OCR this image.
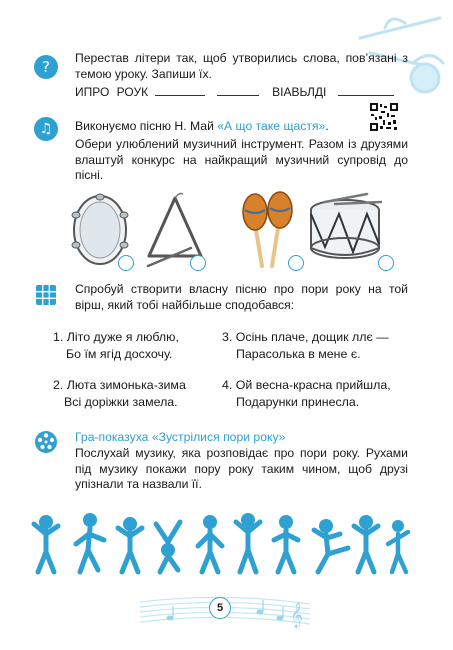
?	Перестав літери так, щоб утворились слова, пов’язані з темою уроку. Запиши їх.
ИПРО РОУК	ВІАВЬЛДІ
♫	Виконуємо пісню Н. Май «А що таке щастя».
Обери улюблений музичний інструмент. Разом із друзями влаштуй конкурс на найкращий музичний супровід до пісні.
Спробуй створити власну пісню про пори року на той вірш, який тобі найбільше сподобався:
1. Літо дуже я люблю,
Бо їм ягід досхочу.
3. Осінь плаче, дощик ллє —
Парасолька в мене є.
2. Люта зимонька-зима
Всі доріжки замела.
4. Ой весна-красна прийшла,
Подарунки принесла.
Гра-показуха «Зустрілися пори року»
Послухай музику, яка розповідає про пори року. Рухами під музику покажи пору року таким чином, щоб друзі упізнали та назвали її.
𝄞
5
